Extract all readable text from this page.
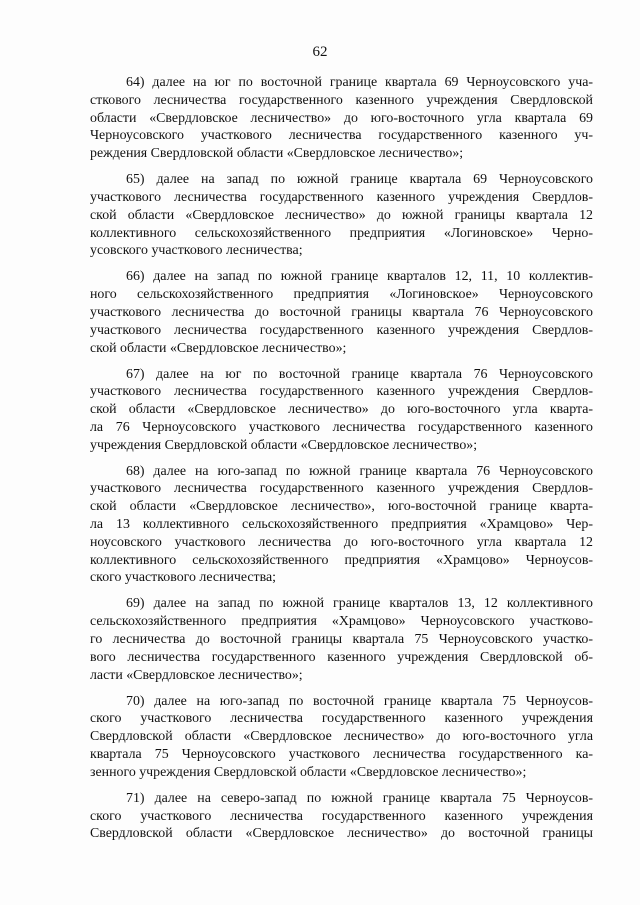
62

64) далее на юг по восточной границе квартала 69 Черноусовского уча-
сткового лесничества государственного казенного учреждения Свердловской
области «Свердловское лесничество» до юго-восточного угла квартала 69
Черноусовского участкового лесничества государственного казенного уч-
реждения Свердловской области «Свердловское лесничество»;

65) далее на запад по южной границе квартала 69 Черноусовского
участкового лесничества государственного казенного учреждения Свердлов-
ской области «Свердловское лесничество» до южной границы квартала 12
коллективного сельскохозяйственного предприятия «Логиновское» Черно-
усовского участкового лесничества;

66) далее на запад по южной границе кварталов 12, 11, 10 коллектив-
ного сельскохозяйственного предприятия «Логиновское» Черноусовского
участкового лесничества до восточной границы квартала 76 Черноусовского
участкового лесничества государственного казенного учреждения Свердлов-
ской области «Свердловское лесничество»;

67) далее на юг по восточной границе квартала 76 Черноусовского
участкового лесничества государственного казенного учреждения Свердлов-
ской области «Свердловское лесничество» до юго-восточного угла кварта-
ла 76 Черноусовского участкового лесничества государственного казенного
учреждения Свердловской области «Свердловское лесничество»;

68) далее на юго-запад по южной границе квартала 76 Черноусовского
участкового лесничества государственного казенного учреждения Свердлов-
ской области «Свердловское лесничество», юго-восточной границе кварта-
ла 13 коллективного сельскохозяйственного предприятия «Храмцово» Чер-
ноусовского участкового лесничества до юго-восточного угла квартала 12
коллективного сельскохозяйственного предприятия «Храмцово» Черноусов-
ского участкового лесничества;

69) далее на запад по южной границе кварталов 13, 12 коллективного
сельскохозяйственного предприятия «Храмцово» Черноусовского участково-
го лесничества до восточной границы квартала 75 Черноусовского участко-
вого лесничества государственного казенного учреждения Свердловской об-
ласти «Свердловское лесничество»;

70) далее на юго-запад по восточной границе квартала 75 Черноусов-
ского участкового лесничества государственного казенного учреждения
Свердловской области «Свердловское лесничество» до юго-восточного угла
квартала 75 Черноусовского участкового лесничества государственного ка-
зенного учреждения Свердловской области «Свердловское лесничество»;

71) далее на северо-запад по южной границе квартала 75 Черноусов-
ского участкового лесничества государственного казенного учреждения
Свердловской области «Свердловское лесничество» до восточной границы
